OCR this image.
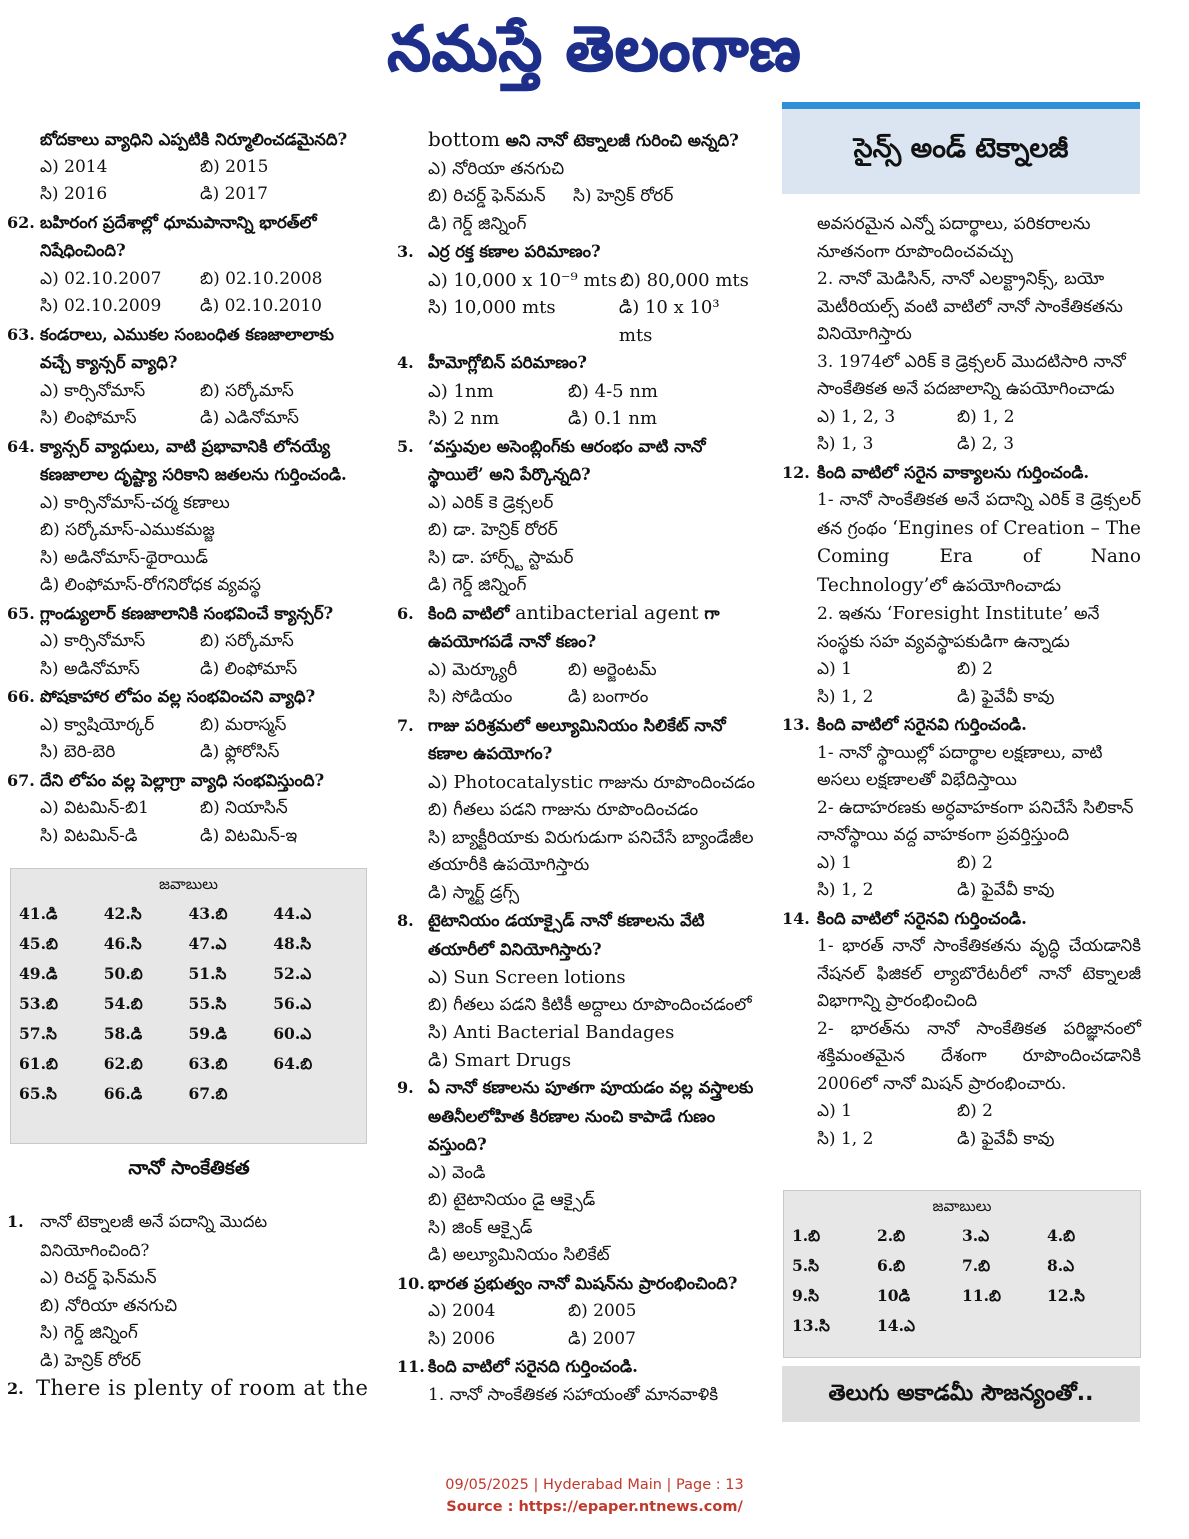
నమస్తే తెలంగాణ
బోదకాలు వ్యాధిని ఎప్పటికి నిర్మూలించడమైనది?
ఎ) 2014	బి) 2015
సి) 2016	డి) 2017
62. బహిరంగ ప్రదేశాల్లో ధూమపానాన్ని భారత్‌లో నిషేధించింది?
ఎ) 02.10.2007	బి) 02.10.2008
సి) 02.10.2009	డి) 02.10.2010
63. కండరాలు, ఎముకల సంబంధిత కణజాలాలాకు వచ్చే క్యాన్సర్ వ్యాధి?
ఎ) కార్సినోమాస్	బి) సర్కోమాస్
సి) లింఫోమాస్	డి) ఎడినోమాస్
64. క్యాన్సర్ వ్యాధులు, వాటి ప్రభావానికి లోనయ్యే కణజాలాల దృష్ట్యా సరికాని జతలను గుర్తించండి.
ఎ) కార్సినోమాస్-చర్మ కణాలు
బి) సర్కోమాస్-ఎముకమజ్జ
సి) అడినోమాస్-థైరాయిడ్
డి) లింఫోమాస్-రోగనిరోధక వ్యవస్థ
65. గ్లాండ్యులార్ కణజాలానికి సంభవించే క్యాన్సర్?
ఎ) కార్సినోమాస్	బి) సర్కోమాస్
సి) అడినోమాస్	డి) లింఫోమాస్
66. పోషకాహార లోపం వల్ల సంభవించని వ్యాధి?
ఎ) క్వాషియోర్కర్	బి) మరాస్మస్
సి) బెరి-బెరి	డి) ఫ్లోరోసిస్
67. దేని లోపం వల్ల పెల్లాగ్రా వ్యాధి సంభవిస్తుంది?
ఎ) విటమిన్-బి1	బి) నియాసిన్
సి) విటమిన్-డి	డి) విటమిన్-ఇ
జవాబులు
41.డి	42.సి	43.బి	44.ఎ
45.బి	46.సి	47.ఎ	48.సి
49.డి	50.బి	51.సి	52.ఎ
53.బి	54.బి	55.సి	56.ఎ
57.సి	58.డి	59.డి	60.ఎ
61.బి	62.బి	63.బి	64.బి
65.సి	66.డి	67.బి
నానో సాంకేతికత
1. నానో టెక్నాలజీ అనే పదాన్ని మొదట వినియోగించింది?
ఎ) రిచర్డ్ ఫెన్‌మన్
బి) నోరియా తనగుచి
సి) గెర్డ్ జిన్నింగ్
డి) హెన్రిక్ రోరర్
2. There is plenty of room at the
bottom అని నానో టెక్నాలజీ గురించి అన్నది?
ఎ) నోరియా తనగుచి
బి) రిచర్డ్ ఫెన్‌మన్	సి) హెన్రిక్ రోరర్
డి) గెర్డ్ జిన్నింగ్
3. ఎర్ర రక్త కణాల పరిమాణం?
ఎ) 10,000 x 10⁻⁹ mts బి) 80,000 mts
సి) 10,000 mts	డి) 10 x 10³ mts
4. హీమోగ్లోబిన్ పరిమాణం?
ఎ) 1nm	బి) 4-5 nm
సి) 2 nm	డి) 0.1 nm
5. ‘వస్తువుల అసెంబ్లింగ్‌కు ఆరంభం వాటి నానో స్థాయిలే’ అని పేర్కొన్నది?
ఎ) ఎరిక్ కె డ్రెక్సలర్
బి) డా. హెన్రిక్ రోరర్
సి) డా. హార్స్ట్ స్టామర్
డి) గెర్డ్ జిన్నింగ్
6. కింది వాటిలో antibacterial agent గా ఉపయోగపడే నానో కణం?
ఎ) మెర్క్యూరీ	బి) అర్జెంటమ్
సి) సోడియం	డి) బంగారం
7. గాజు పరిశ్రమలో అల్యూమినియం సిలికేట్ నానో కణాల ఉపయోగం?
ఎ) Photocatalystic గాజును రూపొందించడం
బి) గీతలు పడని గాజును రూపొందించడం
సి) బ్యాక్టీరియాకు విరుగుడుగా పనిచేసే బ్యాండేజీల తయారీకి ఉపయోగిస్తారు
డి) స్మార్ట్ డ్రగ్స్
8. టైటానియం డయాక్సైడ్ నానో కణాలను వేటి తయారీలో వినియోగిస్తారు?
ఎ) Sun Screen lotions
బి) గీతలు పడని కిటికీ అద్దాలు రూపొందించడంలో
సి) Anti Bacterial Bandages
డి) Smart Drugs
9. ఏ నానో కణాలను పూతగా పూయడం వల్ల వస్త్రాలకు అతినీలలోహిత కిరణాల నుంచి కాపాడే గుణం వస్తుంది?
ఎ) వెండి
బి) టైటానియం డై ఆక్సైడ్
సి) జింక్ ఆక్సైడ్
డి) అల్యూమినియం సిలికేట్
10. భారత ప్రభుత్వం నానో మిషన్‌ను ప్రారంభించింది?
ఎ) 2004	బి) 2005
సి) 2006	డి) 2007
11. కింది వాటిలో సరైనది గుర్తించండి.
1. నానో సాంకేతికత సహాయంతో మానవాళికి
సైన్స్ అండ్ టెక్నాలజీ
అవసరమైన ఎన్నో పదార్థాలు, పరికరాలను నూతనంగా రూపొందించవచ్చు
2. నానో మెడిసిన్, నానో ఎలక్ట్రానిక్స్, బయో మెటీరియల్స్ వంటి వాటిలో నానో సాంకేతికతను వినియోగిస్తారు
3. 1974లో ఎరిక్ కె డ్రెక్సలర్ మొదటిసారి నానో సాంకేతికత అనే పదజాలాన్ని ఉపయోగించాడు
ఎ) 1, 2, 3	బి) 1, 2
సి) 1, 3	డి) 2, 3
12. కింది వాటిలో సరైన వాక్యాలను గుర్తించండి.
1- నానో సాంకేతికత అనే పదాన్ని ఎరిక్ కె డ్రెక్సలర్ తన గ్రంథం ‘Engines of Creation – The Coming Era of Nano Technology’లో ఉపయోగించాడు
2. ఇతను ‘Foresight Institute’ అనే సంస్థకు సహ వ్యవస్థాపకుడిగా ఉన్నాడు
ఎ) 1	బి) 2
సి) 1, 2	డి) ఫైవేవీ కావు
13. కింది వాటిలో సరైనవి గుర్తించండి.
1- నానో స్థాయిల్లో పదార్థాల లక్షణాలు, వాటి అసలు లక్షణాలతో విభేదిస్తాయి
2- ఉదాహరణకు అర్ధవాహకంగా పనిచేసే సిలికాన్ నానోస్థాయి వద్ద వాహకంగా ప్రవర్తిస్తుంది
ఎ) 1	బి) 2
సి) 1, 2	డి) ఫైవేవీ కావు
14. కింది వాటిలో సరైనవి గుర్తించండి.
1- భారత్ నానో సాంకేతికతను వృద్ధి చేయడానికి నేషనల్ ఫిజికల్ ల్యాబొరేటరీలో నానో టెక్నాలజీ విభాగాన్ని ప్రారంభించింది
2- భారత్‌ను నానో సాంకేతికత పరిజ్ఞానంలో శక్తిమంతమైన దేశంగా రూపొందించడానికి 2006లో నానో మిషన్ ప్రారంభించారు.
ఎ) 1	బి) 2
సి) 1, 2	డి) ఫైవేవీ కావు
జవాబులు
1.బి	2.బి	3.ఎ	4.బి
5.సి	6.బి	7.బి	8.ఎ
9.సి	10డి	11.బి	12.సి
13.సి	14.ఎ
తెలుగు అకాడమీ సౌజన్యంతో..
09/05/2025 | Hyderabad Main | Page : 13
Source : https://epaper.ntnews.com/
